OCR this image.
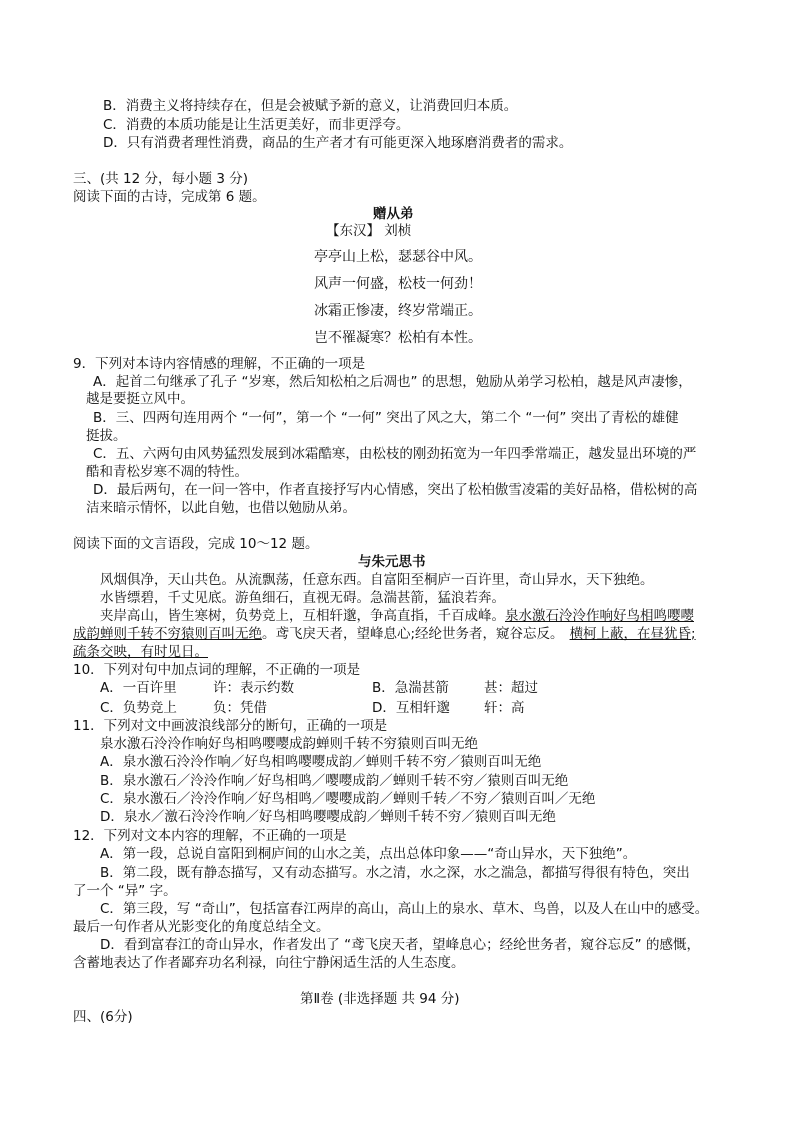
B．消费主义将持续存在，但是会被赋予新的意义，让消费回归本质。
C．消费的本质功能是让生活更美好，而非更浮夸。
D．只有消费者理性消费，商品的生产者才有可能更深入地琢磨消费者的需求。
三、(共 12 分，每小题 3 分)
阅读下面的古诗，完成第 6 题。
赠从弟
【东汉】 刘桢
亭亭山上松，瑟瑟谷中风。
风声一何盛，松枝一何劲！
冰霜正惨凄，终岁常端正。
岂不罹凝寒？松柏有本性。
9．下列对本诗内容情感的理解，不正确的一项是
A．起首二句继承了孔子 “岁寒，然后知松柏之后凋也” 的思想，勉励从弟学习松柏，越是风声凄惨，
越是要挺立风中。
B．三、四两句连用两个 “一何”，第一个 “一何” 突出了风之大，第二个 “一何” 突出了青松的雄健
挺拔。
C．五、六两句由风势猛烈发展到冰霜酷寒，由松枝的刚劲拓宽为一年四季常端正，越发显出环境的严
酷和青松岁寒不凋的特性。
D．最后两句，在一问一答中，作者直接抒写内心情感，突出了松柏傲雪凌霜的美好品格，借松树的高
洁来暗示情怀，以此自勉，也借以勉励从弟。
阅读下面的文言语段，完成 10～12 题。
与朱元思书
风烟俱净，天山共色。从流飘荡，任意东西。自富阳至桐庐一百许里，奇山异水，天下独绝。
水皆缥碧，千丈见底。游鱼细石，直视无碍。急湍甚箭，猛浪若奔。
夹岸高山，皆生寒树，负势竞上，互相轩邈，争高直指，千百成峰。泉水激石泠泠作响好鸟相鸣嘤嘤
成韵蝉则千转不穷猿则百叫无绝。鸢飞戾天者，望峰息心;经纶世务者，窥谷忘反。 横柯上蔽，在昼犹昏;
疏条交映，有时见日。
10．下列对句中加点词的理解，不正确的一项是
A．一百许里	许：表示约数	B．急湍甚箭	甚：超过
C．负势竞上	负：凭借	D．互相轩邈	轩：高
11．下列对文中画波浪线部分的断句，正确的一项是
泉水激石泠泠作响好鸟相鸣嘤嘤成韵蝉则千转不穷猿则百叫无绝
A．泉水激石泠泠作响／好鸟相鸣嘤嘤成韵／蝉则千转不穷／猿则百叫无绝
B．泉水激石／泠泠作响／好鸟相鸣／嘤嘤成韵／蝉则千转不穷／猿则百叫无绝
C．泉水激石／泠泠作响／好鸟相鸣／嘤嘤成韵／蝉则千转／不穷／猿则百叫／无绝
D．泉水／激石泠泠作响／好鸟相鸣嘤嘤成韵／蝉则千转不穷／猿则百叫无绝
12．下列对文本内容的理解，不正确的一项是
A．第一段，总说自富阳到桐庐间的山水之美，点出总体印象——“奇山异水，天下独绝”。
B．第二段，既有静态描写，又有动态描写。水之清，水之深，水之湍急，都描写得很有特色，突出
了一个 “异” 字。
C．第三段，写 “奇山”，包括富春江两岸的高山，高山上的泉水、草木、鸟兽，以及人在山中的感受。
最后一句作者从光影变化的角度总结全文。
D．看到富春江的奇山异水，作者发出了 “鸢飞戾天者，望峰息心；经纶世务者，窥谷忘反” 的感慨，
含蓄地表达了作者鄙弃功名利禄，向往宁静闲适生活的人生态度。
第Ⅱ卷 (非选择题 共 94 分)
四、(6分)
